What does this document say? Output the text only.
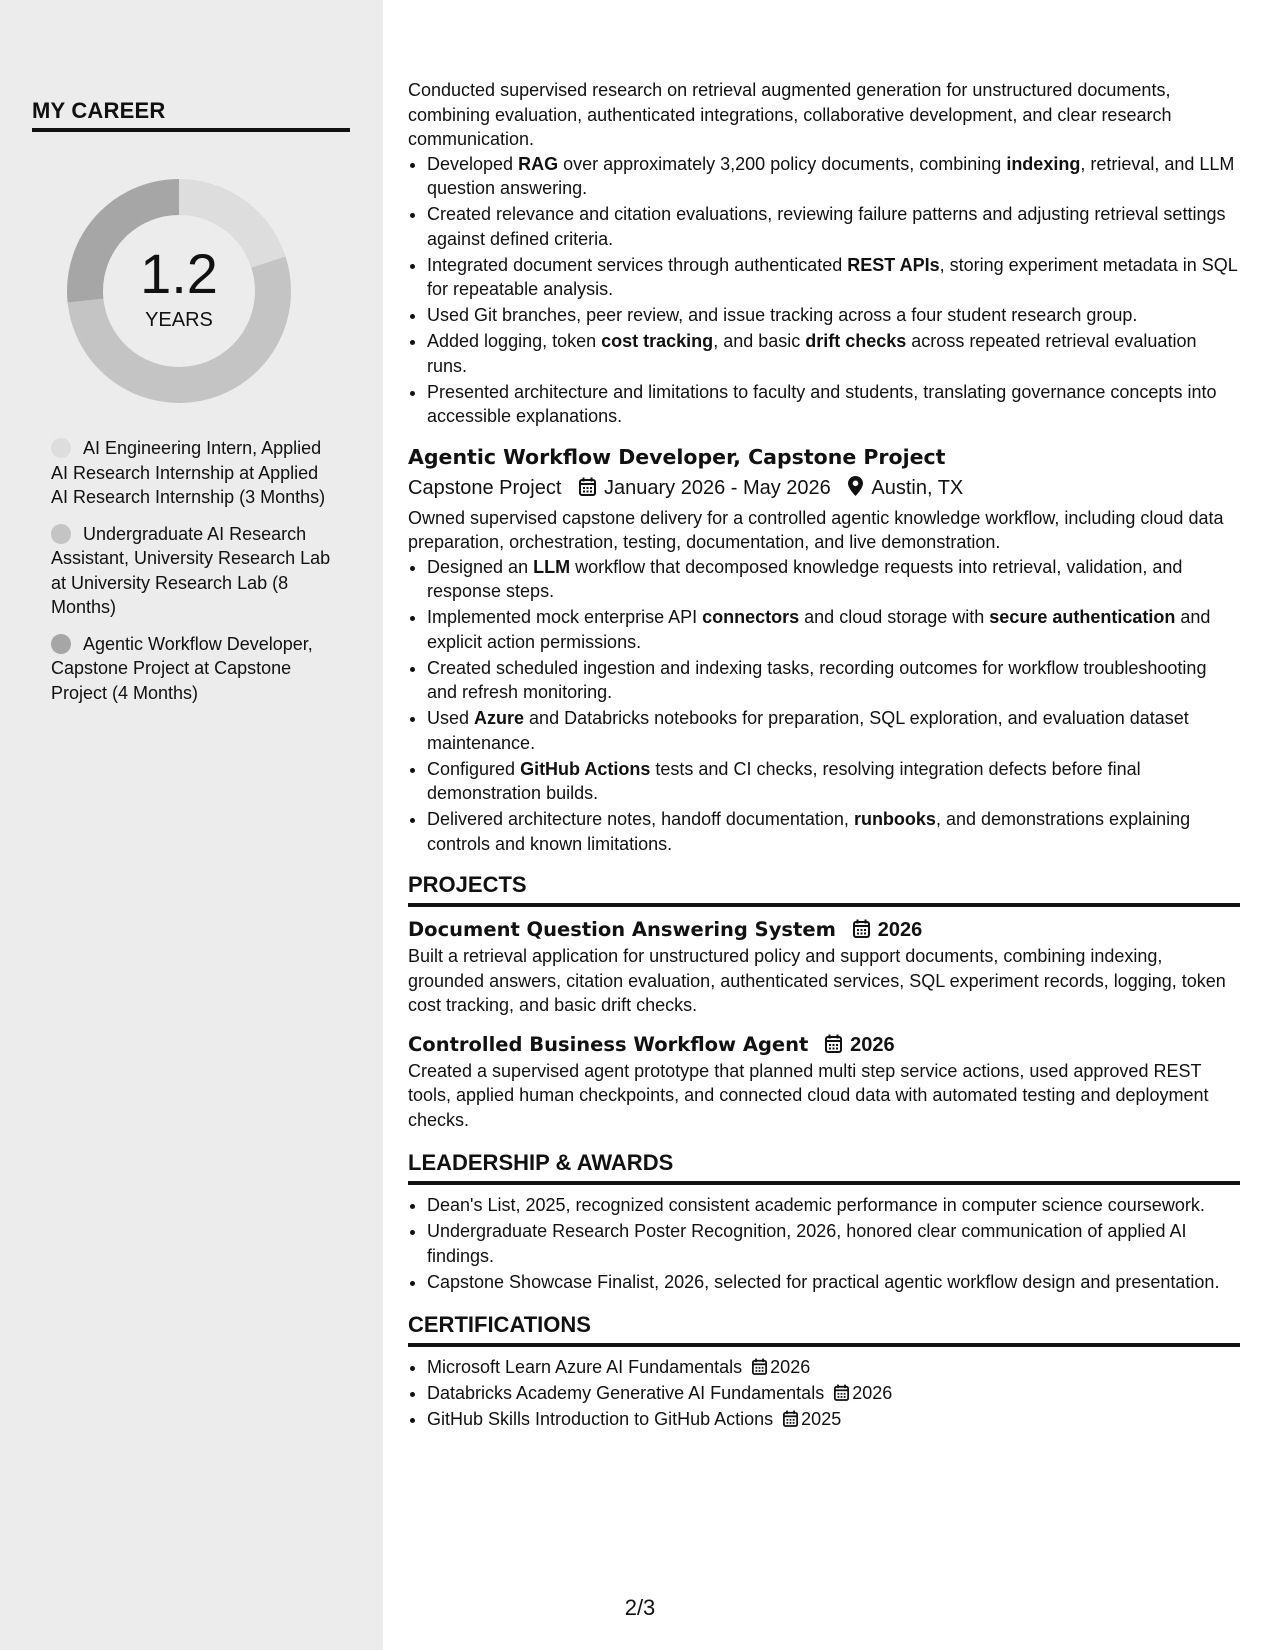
MY CAREER
1.2
YEARS
AI Engineering Intern, Applied AI Research Internship at Applied AI Research Internship (3 Months)
Undergraduate AI Research Assistant, University Research Lab at University Research Lab (8 Months)
Agentic Workflow Developer, Capstone Project at Capstone Project (4 Months)

Conducted supervised research on retrieval augmented generation for unstructured documents, combining evaluation, authenticated integrations, collaborative development, and clear research communication.

• Developed RAG over approximately 3,200 policy documents, combining indexing, retrieval, and LLM question answering.
• Created relevance and citation evaluations, reviewing failure patterns and adjusting retrieval settings against defined criteria.
• Integrated document services through authenticated REST APIs, storing experiment metadata in SQL for repeatable analysis.
• Used Git branches, peer review, and issue tracking across a four student research group.
• Added logging, token cost tracking, and basic drift checks across repeated retrieval evaluation runs.
• Presented architecture and limitations to faculty and students, translating governance concepts into accessible explanations.
Agentic Workflow Developer, Capstone Project
Capstone Project January 2026 - May 2026 Austin, TX

Owned supervised capstone delivery for a controlled agentic knowledge workflow, including cloud data preparation, orchestration, testing, documentation, and live demonstration.

• Designed an LLM workflow that decomposed knowledge requests into retrieval, validation, and response steps.
• Implemented mock enterprise API connectors and cloud storage with secure authentication and explicit action permissions.
• Created scheduled ingestion and indexing tasks, recording outcomes for workflow troubleshooting and refresh monitoring.
• Used Azure and Databricks notebooks for preparation, SQL exploration, and evaluation dataset maintenance.
• Configured GitHub Actions tests and CI checks, resolving integration defects before final demonstration builds.
• Delivered architecture notes, handoff documentation, runbooks, and demonstrations explaining controls and known limitations.
PROJECTS
Document Question Answering System 2026

Built a retrieval application for unstructured policy and support documents, combining indexing, grounded answers, citation evaluation, authenticated services, SQL experiment records, logging, token cost tracking, and basic drift checks.

Controlled Business Workflow Agent 2026

Created a supervised agent prototype that planned multi step service actions, used approved REST tools, applied human checkpoints, and connected cloud data with automated testing and deployment checks.

LEADERSHIP & AWARDS
• Dean's List, 2025, recognized consistent academic performance in computer science coursework.
• Undergraduate Research Poster Recognition, 2026, honored clear communication of applied AI findings.
• Capstone Showcase Finalist, 2026, selected for practical agentic workflow design and presentation.
CERTIFICATIONS
• Microsoft Learn Azure AI Fundamentals 2026
• Databricks Academy Generative AI Fundamentals 2026
• GitHub Skills Introduction to GitHub Actions 2025
2/3
